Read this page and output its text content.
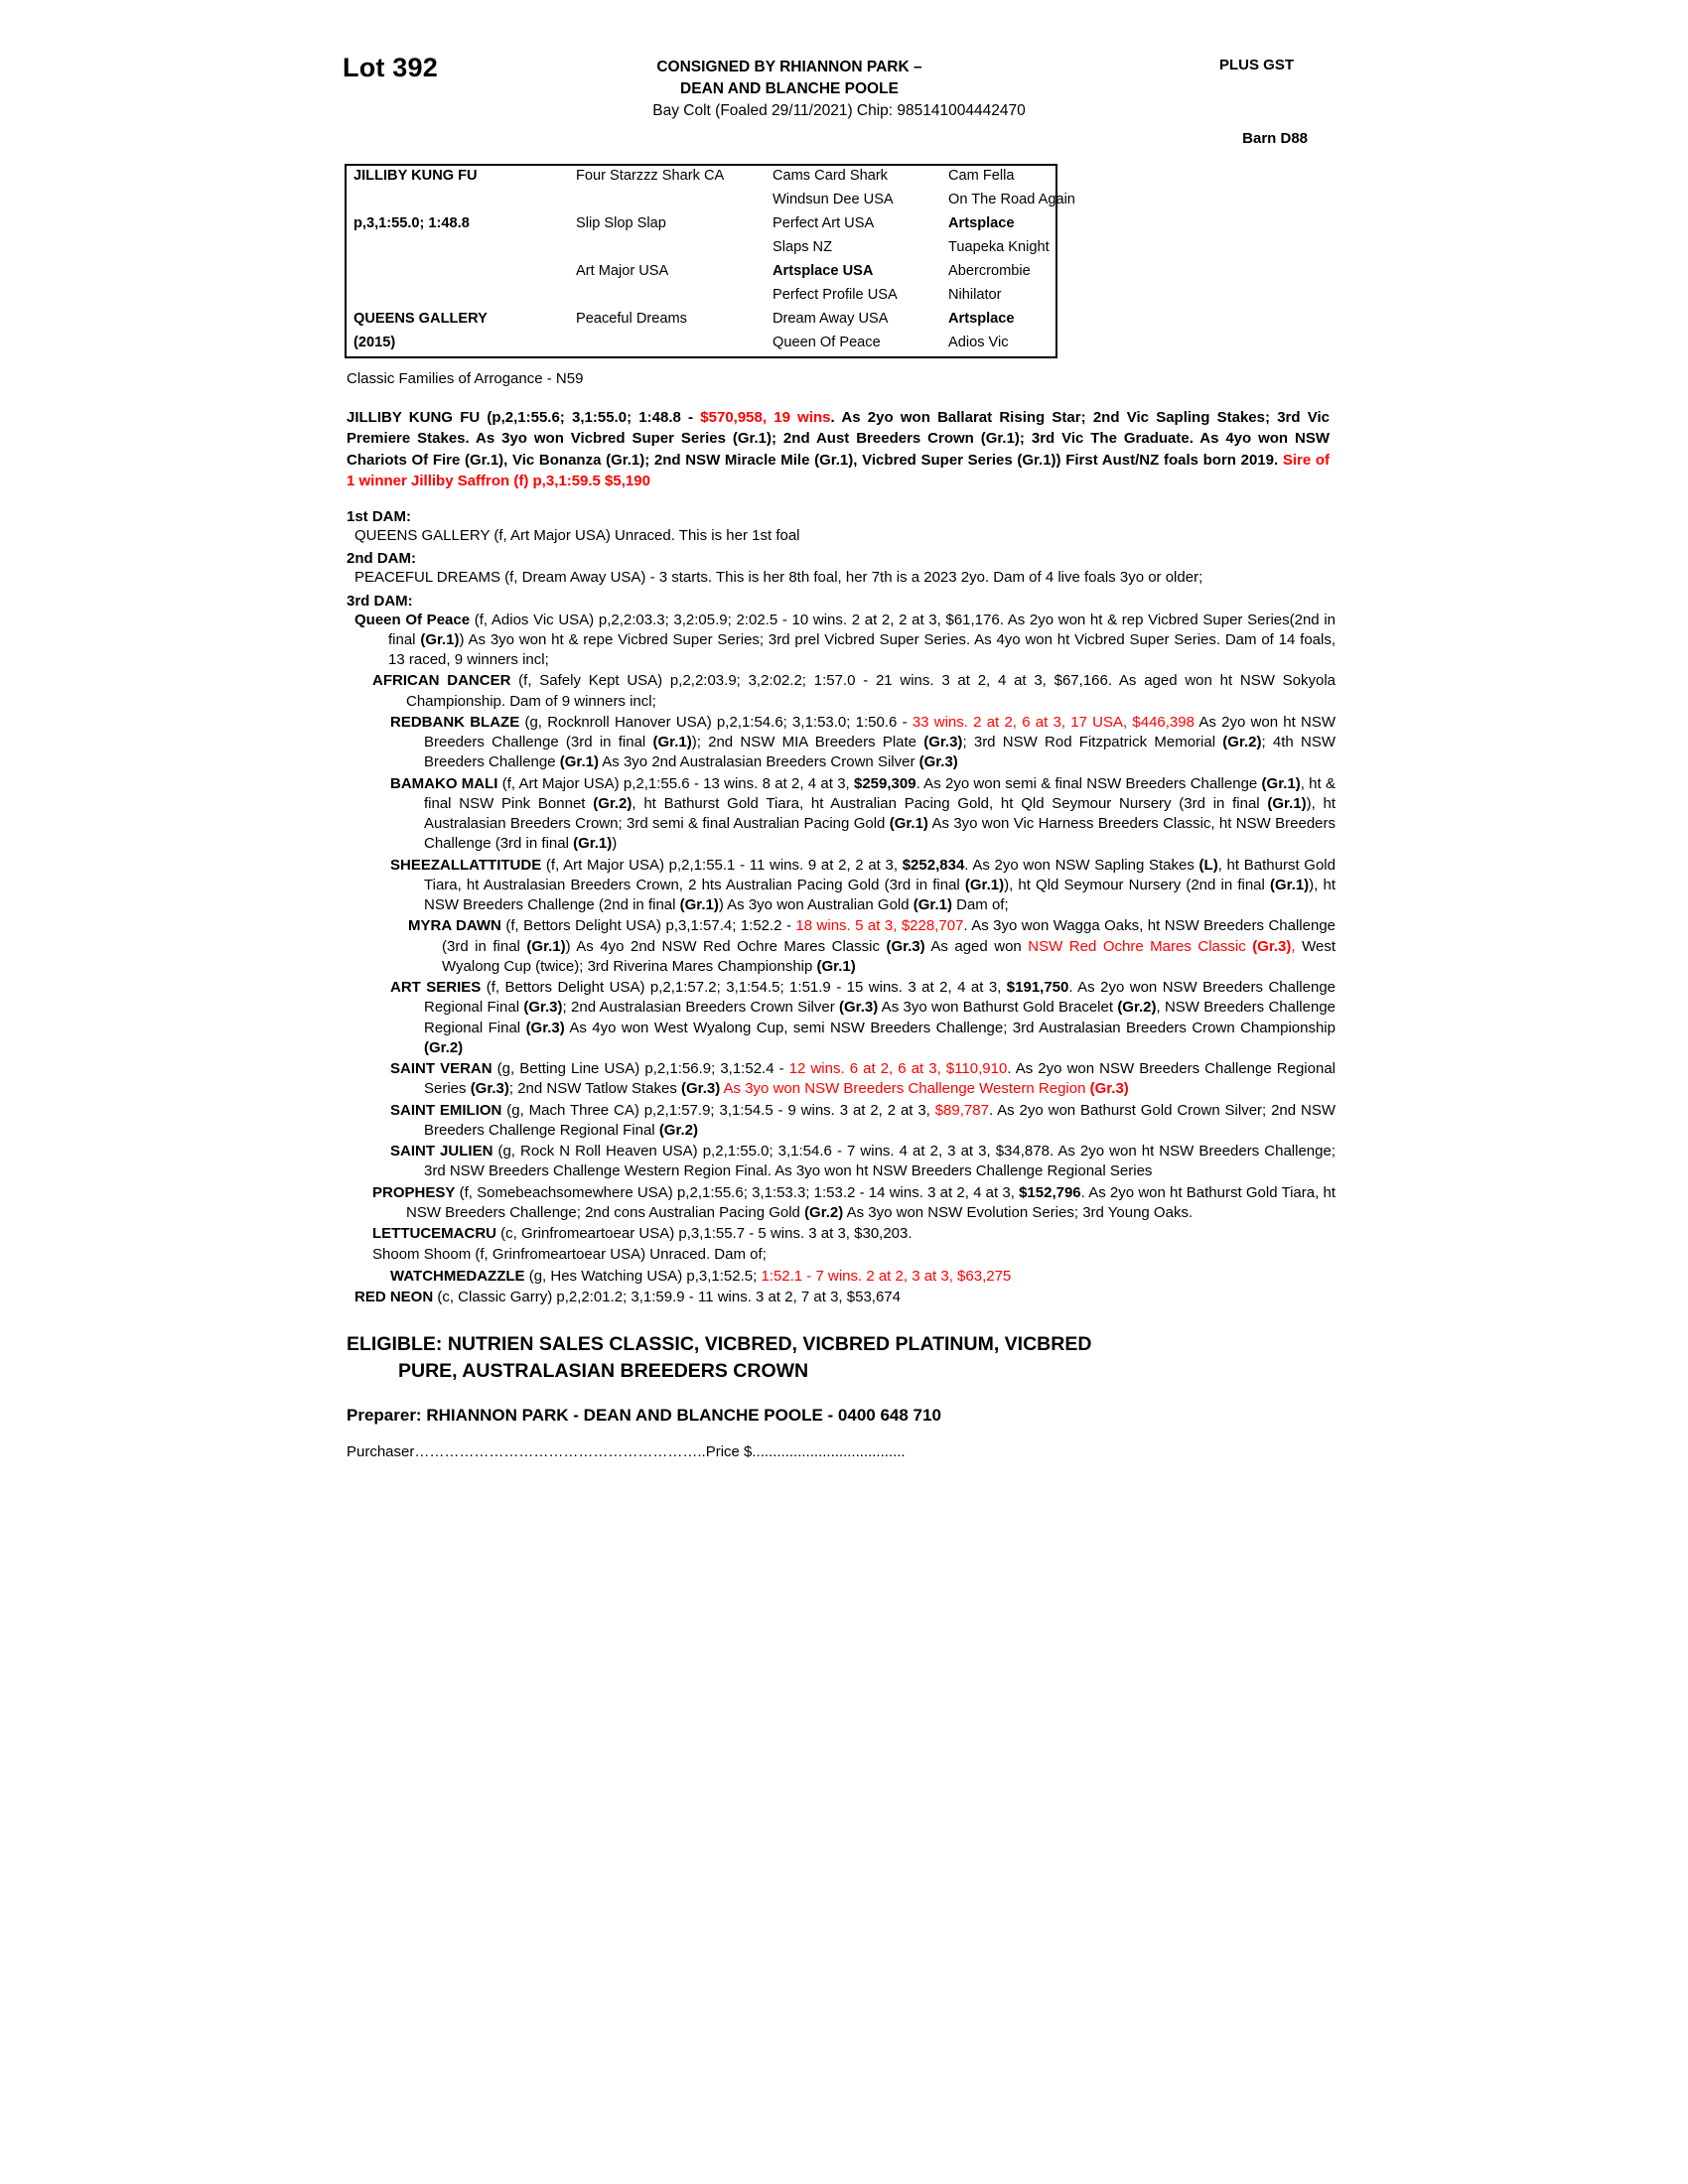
Lot 392	CONSIGNED BY RHIANNON PARK –
DEAN AND BLANCHE POOLE
PLUS GST
Bay Colt (Foaled 29/11/2021) Chip: 985141004442470
Barn D88
JILLIBY KUNG FU	Four Starzzz Shark CA	Cams Card Shark	Cam Fella
		Windsun Dee USA	On The Road Again
p,3,1:55.0; 1:48.8	Slip Slop Slap	Perfect Art USA	Artsplace
		Slaps NZ	Tuapeka Knight
	Art Major USA	Artsplace USA	Abercrombie
		Perfect Profile USA	Nihilator
QUEENS GALLERY	Peaceful Dreams	Dream Away USA	Artsplace
(2015)		Queen Of Peace	Adios Vic
Classic Families of Arrogance - N59
JILLIBY KUNG FU (p,2,1:55.6; 3,1:55.0; 1:48.8 - $570,958, 19 wins. As 2yo won Ballarat Rising Star; 2nd Vic Sapling Stakes; 3rd Vic Premiere Stakes. As 3yo won Vicbred Super Series (Gr.1); 2nd Aust Breeders Crown (Gr.1); 3rd Vic The Graduate. As 4yo won NSW Chariots Of Fire (Gr.1), Vic Bonanza (Gr.1); 2nd NSW Miracle Mile (Gr.1), Vicbred Super Series (Gr.1)) First Aust/NZ foals born 2019. Sire of 1 winner Jilliby Saffron (f) p,3,1:59.5 $5,190
1st DAM:

QUEENS GALLERY (f, Art Major USA) Unraced. This is her 1st foal

2nd DAM:

PEACEFUL DREAMS (f, Dream Away USA) - 3 starts. This is her 8th foal, her 7th is a 2023 2yo. Dam of 4 live foals 3yo or older;

3rd DAM:

Queen Of Peace (f, Adios Vic USA) p,2,2:03.3; 3,2:05.9; 2:02.5 - 10 wins. 2 at 2, 2 at 3, $61,176. As 2yo won ht & rep Vicbred Super Series(2nd in final (Gr.1)) As 3yo won ht & repe Vicbred Super Series; 3rd prel Vicbred Super Series. As 4yo won ht Vicbred Super Series. Dam of 14 foals, 13 raced, 9 winners incl;

AFRICAN DANCER (f, Safely Kept USA) p,2,2:03.9; 3,2:02.2; 1:57.0 - 21 wins. 3 at 2, 4 at 3, $67,166. As aged won ht NSW Sokyola Championship. Dam of 9 winners incl;

REDBANK BLAZE (g, Rocknroll Hanover USA) p,2,1:54.6; 3,1:53.0; 1:50.6 - 33 wins. 2 at 2, 6 at 3, 17 USA, $446,398 As 2yo won ht NSW Breeders Challenge (3rd in final (Gr.1)); 2nd NSW MIA Breeders Plate (Gr.3); 3rd NSW Rod Fitzpatrick Memorial (Gr.2); 4th NSW Breeders Challenge (Gr.1) As 3yo 2nd Australasian Breeders Crown Silver (Gr.3)

BAMAKO MALI (f, Art Major USA) p,2,1:55.6 - 13 wins. 8 at 2, 4 at 3, $259,309. As 2yo won semi & final NSW Breeders Challenge (Gr.1), ht & final NSW Pink Bonnet (Gr.2), ht Bathurst Gold Tiara, ht Australian Pacing Gold, ht Qld Seymour Nursery (3rd in final (Gr.1)), ht Australasian Breeders Crown; 3rd semi & final Australian Pacing Gold (Gr.1) As 3yo won Vic Harness Breeders Classic, ht NSW Breeders Challenge (3rd in final (Gr.1))

SHEEZALLATTITUDE (f, Art Major USA) p,2,1:55.1 - 11 wins. 9 at 2, 2 at 3, $252,834. As 2yo won NSW Sapling Stakes (L), ht Bathurst Gold Tiara, ht Australasian Breeders Crown, 2 hts Australian Pacing Gold (3rd in final (Gr.1)), ht Qld Seymour Nursery (2nd in final (Gr.1)), ht NSW Breeders Challenge (2nd in final (Gr.1)) As 3yo won Australian Gold (Gr.1) Dam of;

MYRA DAWN (f, Bettors Delight USA) p,3,1:57.4; 1:52.2 - 18 wins. 5 at 3, $228,707. As 3yo won Wagga Oaks, ht NSW Breeders Challenge (3rd in final (Gr.1)) As 4yo 2nd NSW Red Ochre Mares Classic (Gr.3) As aged won NSW Red Ochre Mares Classic (Gr.3), West Wyalong Cup (twice); 3rd Riverina Mares Championship (Gr.1)

ART SERIES (f, Bettors Delight USA) p,2,1:57.2; 3,1:54.5; 1:51.9 - 15 wins. 3 at 2, 4 at 3, $191,750. As 2yo won NSW Breeders Challenge Regional Final (Gr.3); 2nd Australasian Breeders Crown Silver (Gr.3) As 3yo won Bathurst Gold Bracelet (Gr.2), NSW Breeders Challenge Regional Final (Gr.3) As 4yo won West Wyalong Cup, semi NSW Breeders Challenge; 3rd Australasian Breeders Crown Championship (Gr.2)

SAINT VERAN (g, Betting Line USA) p,2,1:56.9; 3,1:52.4 - 12 wins. 6 at 2, 6 at 3, $110,910. As 2yo won NSW Breeders Challenge Regional Series (Gr.3); 2nd NSW Tatlow Stakes (Gr.3) As 3yo won NSW Breeders Challenge Western Region (Gr.3)

SAINT EMILION (g, Mach Three CA) p,2,1:57.9; 3,1:54.5 - 9 wins. 3 at 2, 2 at 3, $89,787. As 2yo won Bathurst Gold Crown Silver; 2nd NSW Breeders Challenge Regional Final (Gr.2)

SAINT JULIEN (g, Rock N Roll Heaven USA) p,2,1:55.0; 3,1:54.6 - 7 wins. 4 at 2, 3 at 3, $34,878. As 2yo won ht NSW Breeders Challenge; 3rd NSW Breeders Challenge Western Region Final. As 3yo won ht NSW Breeders Challenge Regional Series

PROPHESY (f, Somebeachsomewhere USA) p,2,1:55.6; 3,1:53.3; 1:53.2 - 14 wins. 3 at 2, 4 at 3, $152,796. As 2yo won ht Bathurst Gold Tiara, ht NSW Breeders Challenge; 2nd cons Australian Pacing Gold (Gr.2) As 3yo won NSW Evolution Series; 3rd Young Oaks.

LETTUCEMACRU (c, Grinfromeartoear USA) p,3,1:55.7 - 5 wins. 3 at 3, $30,203.

Shoom Shoom (f, Grinfromeartoear USA) Unraced. Dam of;

WATCHMEDAZZLE (g, Hes Watching USA) p,3,1:52.5; 1:52.1 - 7 wins. 2 at 2, 3 at 3, $63,275

RED NEON (c, Classic Garry) p,2,2:01.2; 3,1:59.9 - 11 wins. 3 at 2, 7 at 3, $53,674

ELIGIBLE: NUTRIEN SALES CLASSIC, VICBRED, VICBRED PLATINUM, VICBRED
PURE, AUSTRALASIAN BREEDERS CROWN
Preparer: RHIANNON PARK - DEAN AND BLANCHE POOLE - 0400 648 710
Purchaser…………………………………………………..Price $.....................................
